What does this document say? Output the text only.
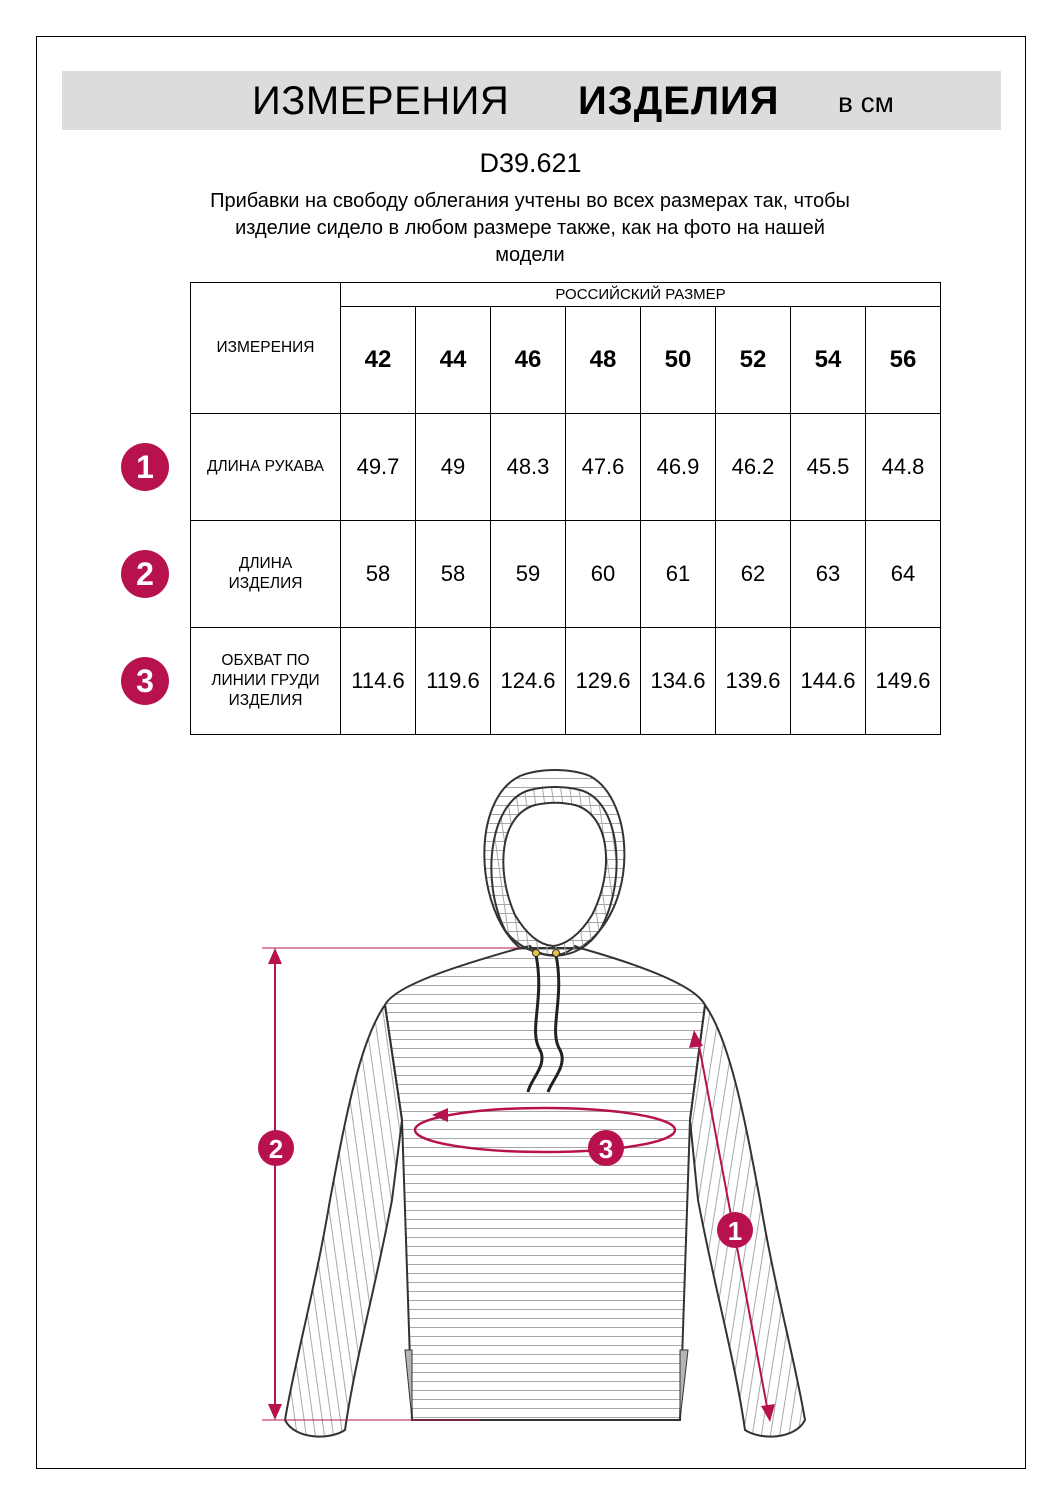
ИЗМЕРЕНИЯ ИЗДЕЛИЯ в см
D39.621
Прибавки на свободу облегания учтены во всех размерах так, чтобы
изделие сидело в любом размере также, как на фото на нашей
модели
ИЗМЕРЕНИЯ	РОССИЙСКИЙ РАЗМЕР							
	42	44	46	48	50	52	54	56
ДЛИНА РУКАВА	49.7	49	48.3	47.6	46.9	46.2	45.5	44.8
ДЛИНА ИЗДЕЛИЯ	58	58	59	60	61	62	63	64
ОБХВАТ ПО ЛИНИИ ГРУДИ ИЗДЕЛИЯ	114.6	119.6	124.6	129.6	134.6	139.6	144.6	149.6
1
2
3
1
2	3
